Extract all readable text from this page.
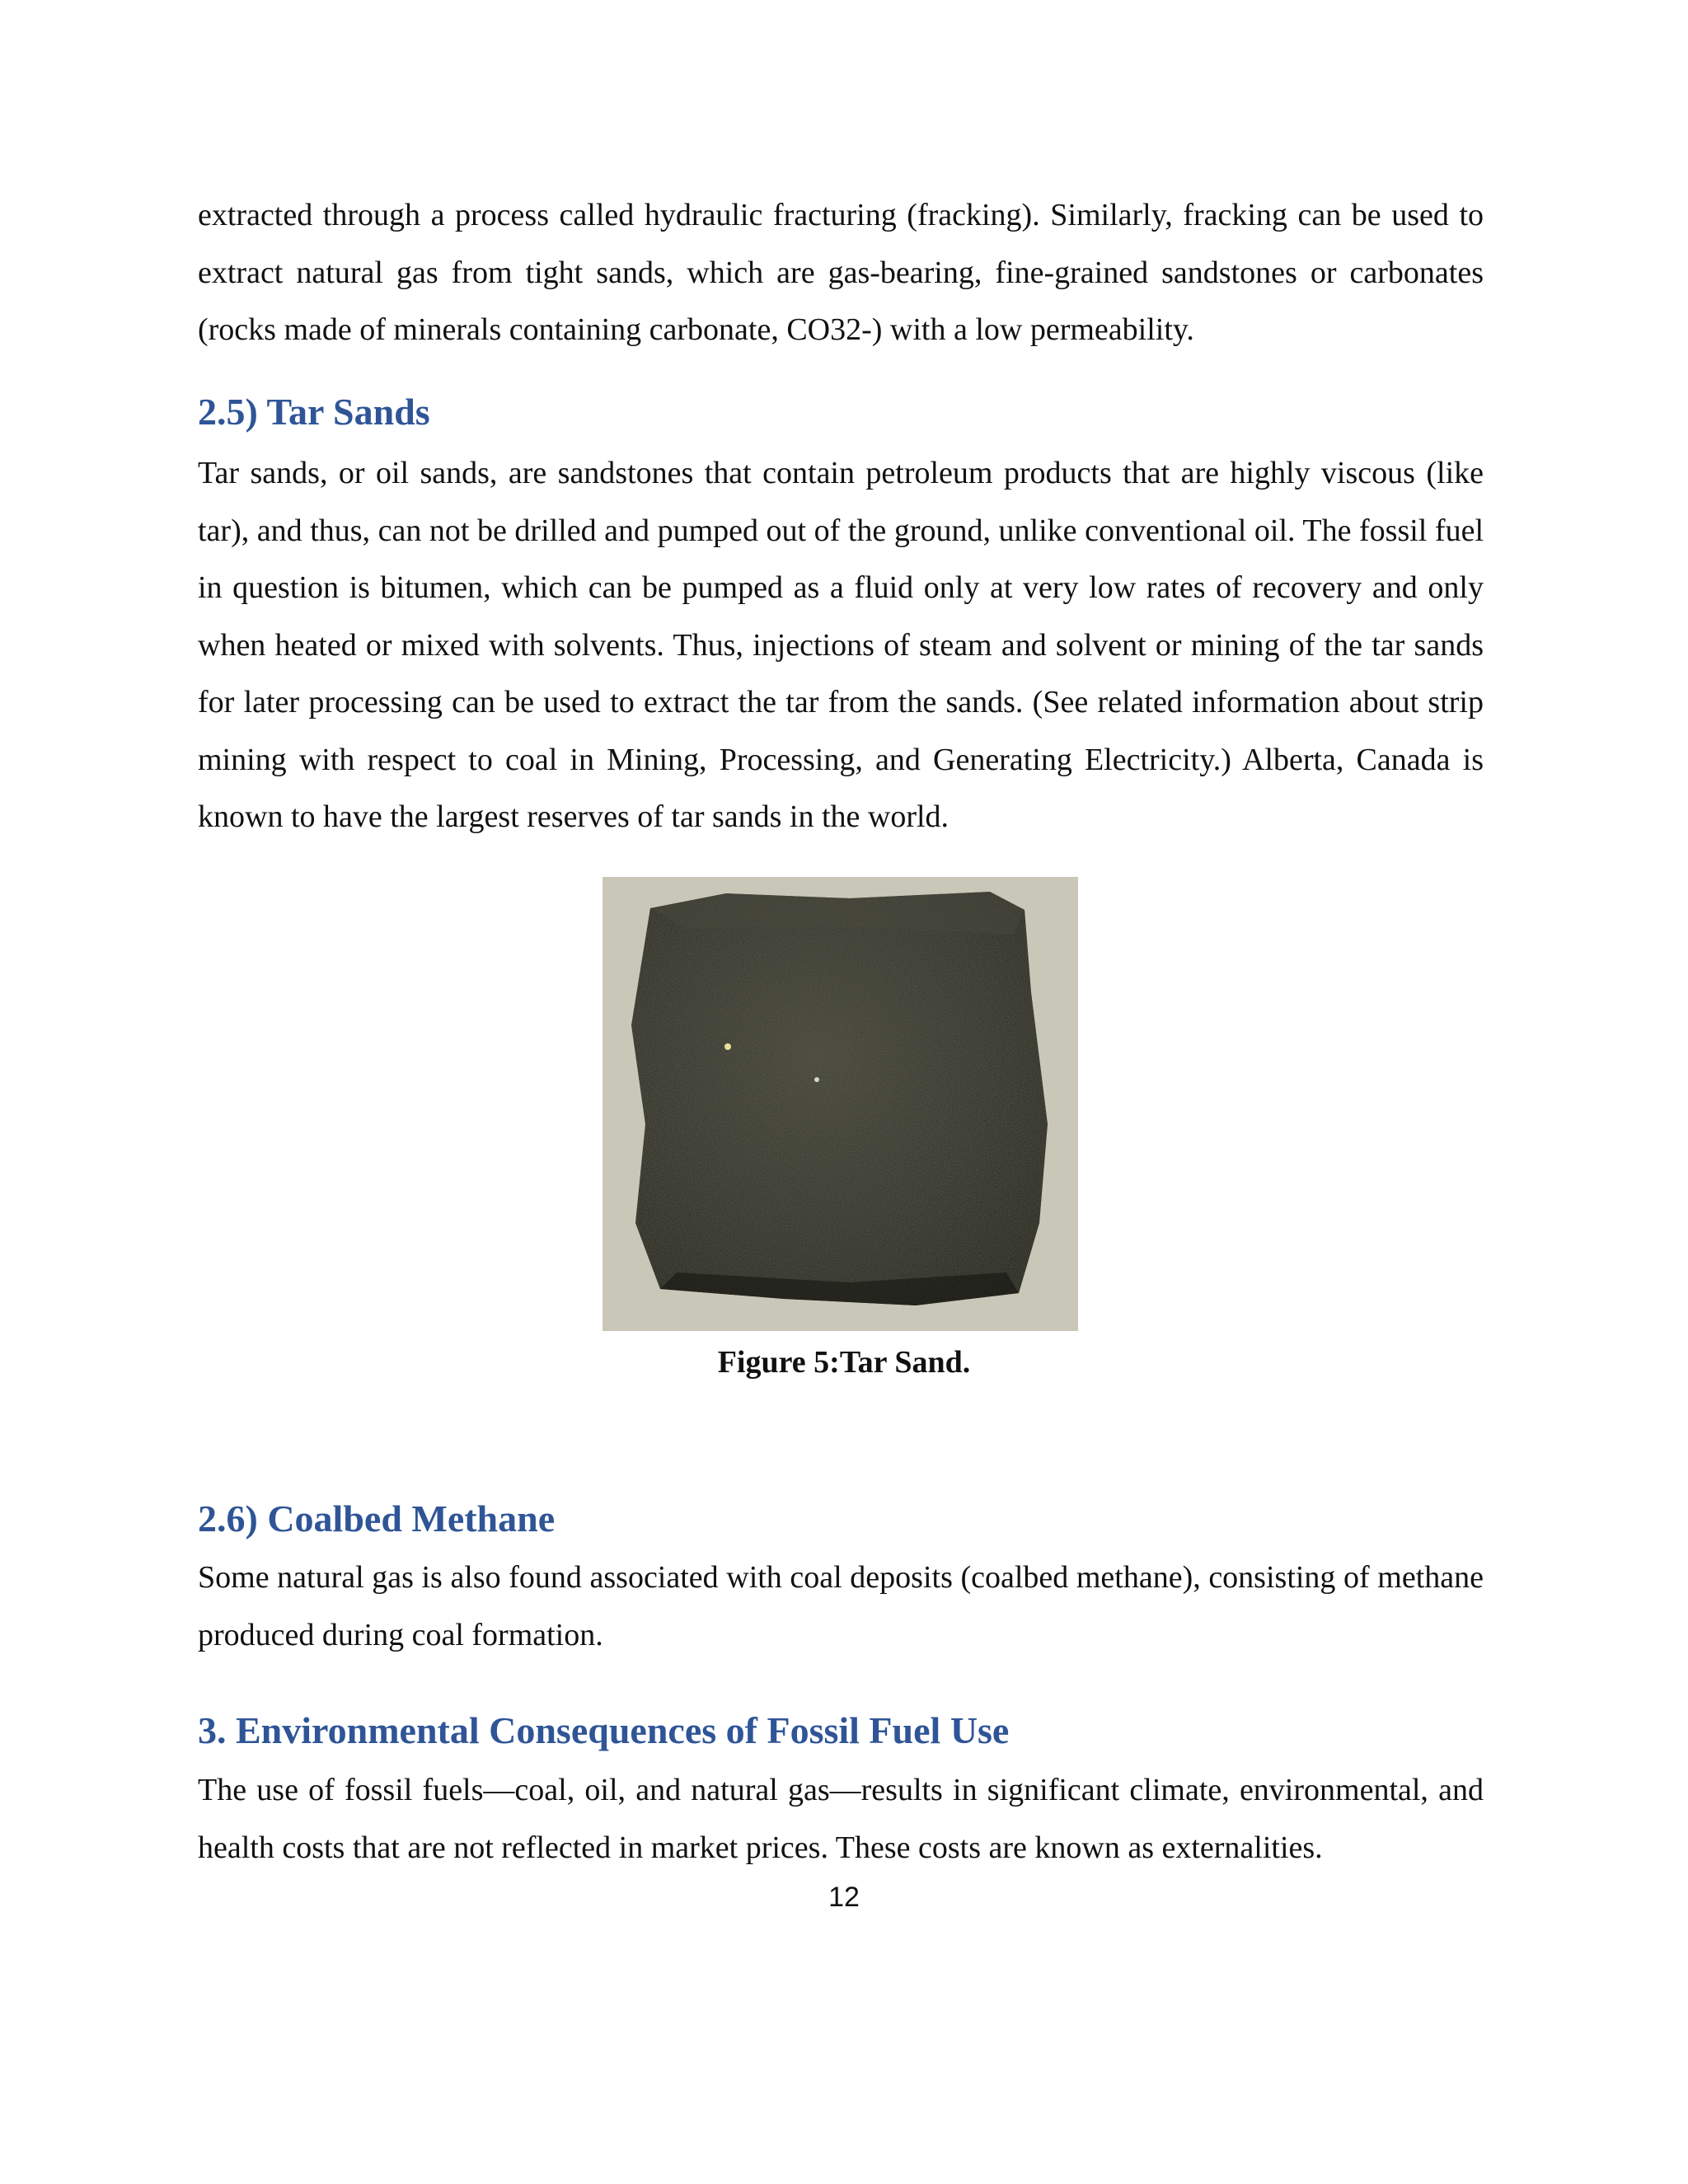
extracted through a process called hydraulic fracturing (fracking). Similarly, fracking can be used to extract natural gas from tight sands, which are gas-bearing, fine-grained sandstones or carbonates (rocks made of minerals containing carbonate, CO32-) with a low permeability.

2.5) Tar Sands

Tar sands, or oil sands, are sandstones that contain petroleum products that are highly viscous (like tar), and thus, can not be drilled and pumped out of the ground, unlike conventional oil. The fossil fuel in question is bitumen, which can be pumped as a fluid only at very low rates of recovery and only when heated or mixed with solvents. Thus, injections of steam and solvent or mining of the tar sands for later processing can be used to extract the tar from the sands. (See related information about strip mining with respect to coal in Mining, Processing, and Generating Electricity.) Alberta, Canada is known to have the largest reserves of tar sands in the world.

Figure 5:Tar Sand.
2.6) Coalbed Methane

Some natural gas is also found associated with coal deposits (coalbed methane), consisting of methane produced during coal formation.

3. Environmental Consequences of Fossil Fuel Use

The use of fossil fuels—coal, oil, and natural gas—results in significant climate, environmental, and health costs that are not reflected in market prices. These costs are known as externalities.

12
